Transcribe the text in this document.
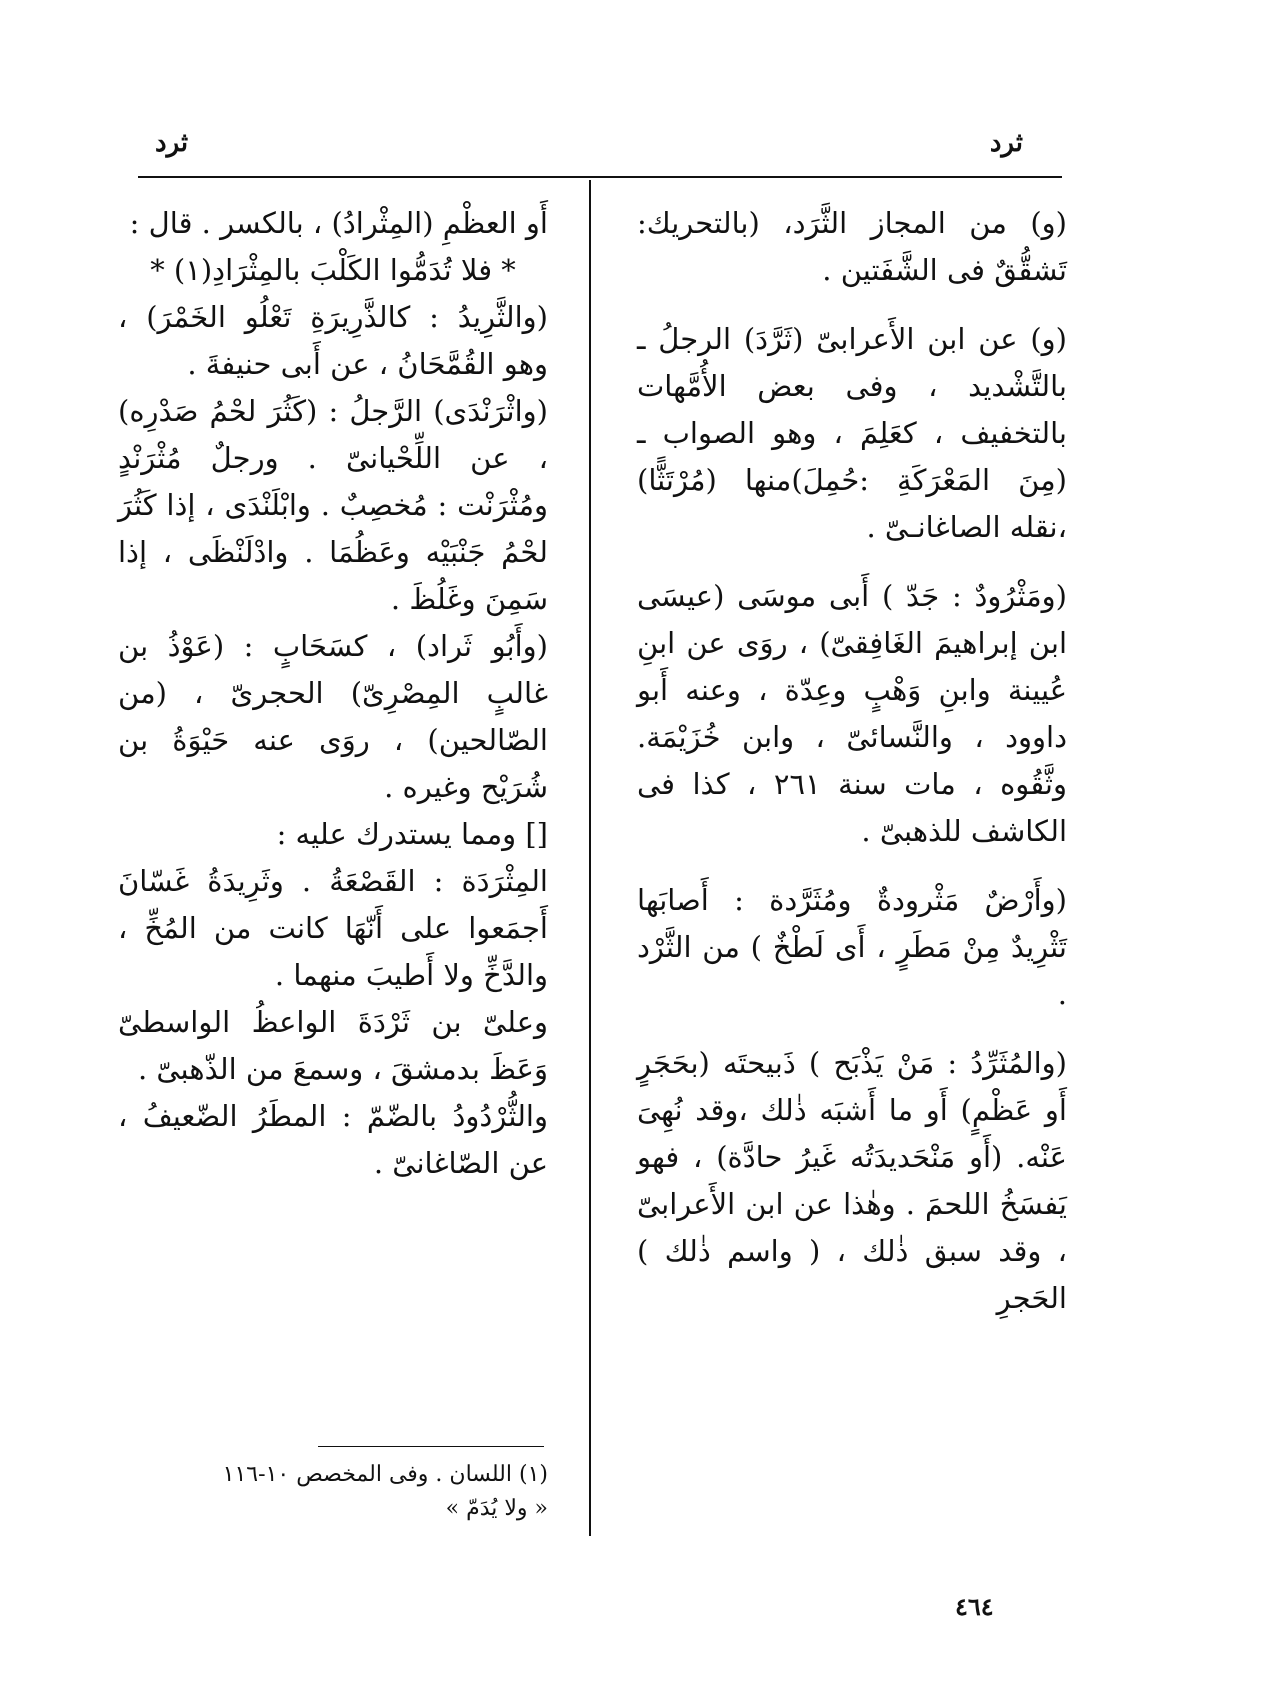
ثرد
ثرد

(و) من المجاز الثَّرَد، (بالتحريك: تَشقُّقٌ فى الشَّفَتين .

(و) عن ابن الأَعرابىّ (ثَرَّدَ) الرجلُ ـ بالتَّشْديد ، وفى بعض الأُمَّهات بالتخفيف ، كعَلِمَ ، وهو الصواب ـ (مِنَ المَعْرَكَةِ :حُمِلَ)منها (مُرْتَثًّا) ،نقله الصاغانـىّ .

(ومَثْرُودٌ : جَدّ ) أَبى موسَى (عيسَى ابن إبراهيمَ الغَافِقىّ) ، روَى عن ابنِ عُيينة وابنِ وَهْبٍ وعِدّة ، وعنه أَبو داوود ، والنَّسائىّ ، وابن خُزَيْمَة. وثَّقُوه ، مات سنة ٢٦١ ، كذا فى الكاشف للذهبىّ .

(وأَرْضٌ مَثْرودةٌ ومُثَرَّدة : أَصابَها تَثْرِيدٌ مِنْ مَطَرٍ ، أَى لَطْخٌ ) من الثَّرْد .

(والمُثَرِّدُ : مَنْ يَذْبَح ) ذَبيحتَه (بحَجَرٍ أَو عَظْمٍ) أَو ما أَشبَه ذٰلك ،وقد نُهِىَ عَنْه. (أَو مَنْحَديدَتُه غَيرُ حادَّة) ، فهو يَفسَخُ اللحمَ . وهٰذا عن ابن الأَعرابىّ ، وقد سبق ذٰلك ، ( واسم ذٰلك ) الحَجرِ

أَو العظْمِ (المِثْرادُ) ، بالكسر . قال :

* فلا تُدَمُّوا الكَلْبَ بالمِثْرَادِ(١) *

(والثَّرِيدُ : كالذَّرِيرَةِ تَعْلُو الخَمْرَ) ، وهو القُمَّحَانُ ، عن أَبى حنيفةَ .

(واثْرَنْدَى) الرَّجلُ : (كَثُرَ لحْمُ صَدْرِه) ، عن اللِّحْيانىّ . ورجلٌ مُثْرَنْدٍ ومُثْرَنْت : مُخصِبٌ . وابْلَنْدَى ، إذا كَثُرَ لحْمُ جَنْبَيْه وعَظُمَا . وادْلَنْظَى ، إذا سَمِنَ وغَلُظَ .

(وأَبُو ثَراد) ، كسَحَابٍ : (عَوْذُ بن غالبٍ المِصْرِىّ) الحجرىّ ، (من الصّالحين) ، روَى عنه حَيْوَةُ بن شُرَيْح وغيره .

[] ومما يستدرك عليه :

المِثْرَدَة : القَصْعَةُ . وثَرِيدَةُ غَسّانَ أَجمَعوا على أَنّهَا كانت من المُخِّ ، والدَّخِّ ولا أَطيبَ منهما .

وعلىّ بن ثَرْدَةَ الواعظُ الواسطىّ وَعَظَ بدمشقَ ، وسمعَ من الذّهبىّ .

والثُّرْدُودُ بالضّمّ : المطَرُ الضّعيفُ ، عن الصّاغانىّ .

(١) اللسان . وفى المخصص ١٠-١١٦
« ولا يُدَمّ »
٤٦٤
